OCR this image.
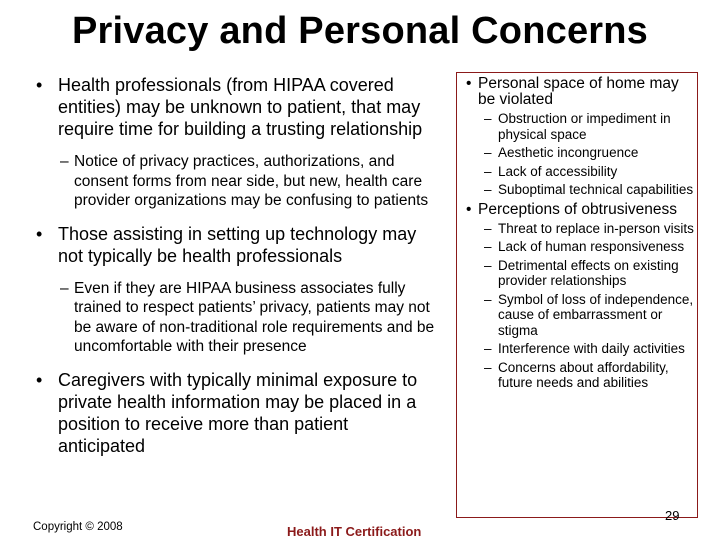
Privacy and Personal Concerns
• Health professionals (from HIPAA covered entities) may be unknown to patient, that may require time for building a trusting relationship
– Notice of privacy practices, authorizations, and consent forms from near side, but new, health care provider organizations may be confusing to patients
• Those assisting in setting up technology may not typically be health professionals
– Even if they are HIPAA business associates fully trained to respect patients’ privacy, patients may not be aware of non-traditional role requirements and be uncomfortable with their presence
• Caregivers with typically minimal exposure to private health information may be placed in a position to receive more than patient anticipated
• Personal space of home may be violated
– Obstruction or impediment in physical space
– Aesthetic incongruence
– Lack of accessibility
– Suboptimal technical capabilities
• Perceptions of obtrusiveness
– Threat to replace in-person visits
– Lack of human responsiveness
– Detrimental effects on existing provider relationships
– Symbol of loss of independence, cause of embarrassment or stigma
– Interference with daily activities
– Concerns about affordability, future needs and abilities
Copyright © 2008	Health IT Certification
29
